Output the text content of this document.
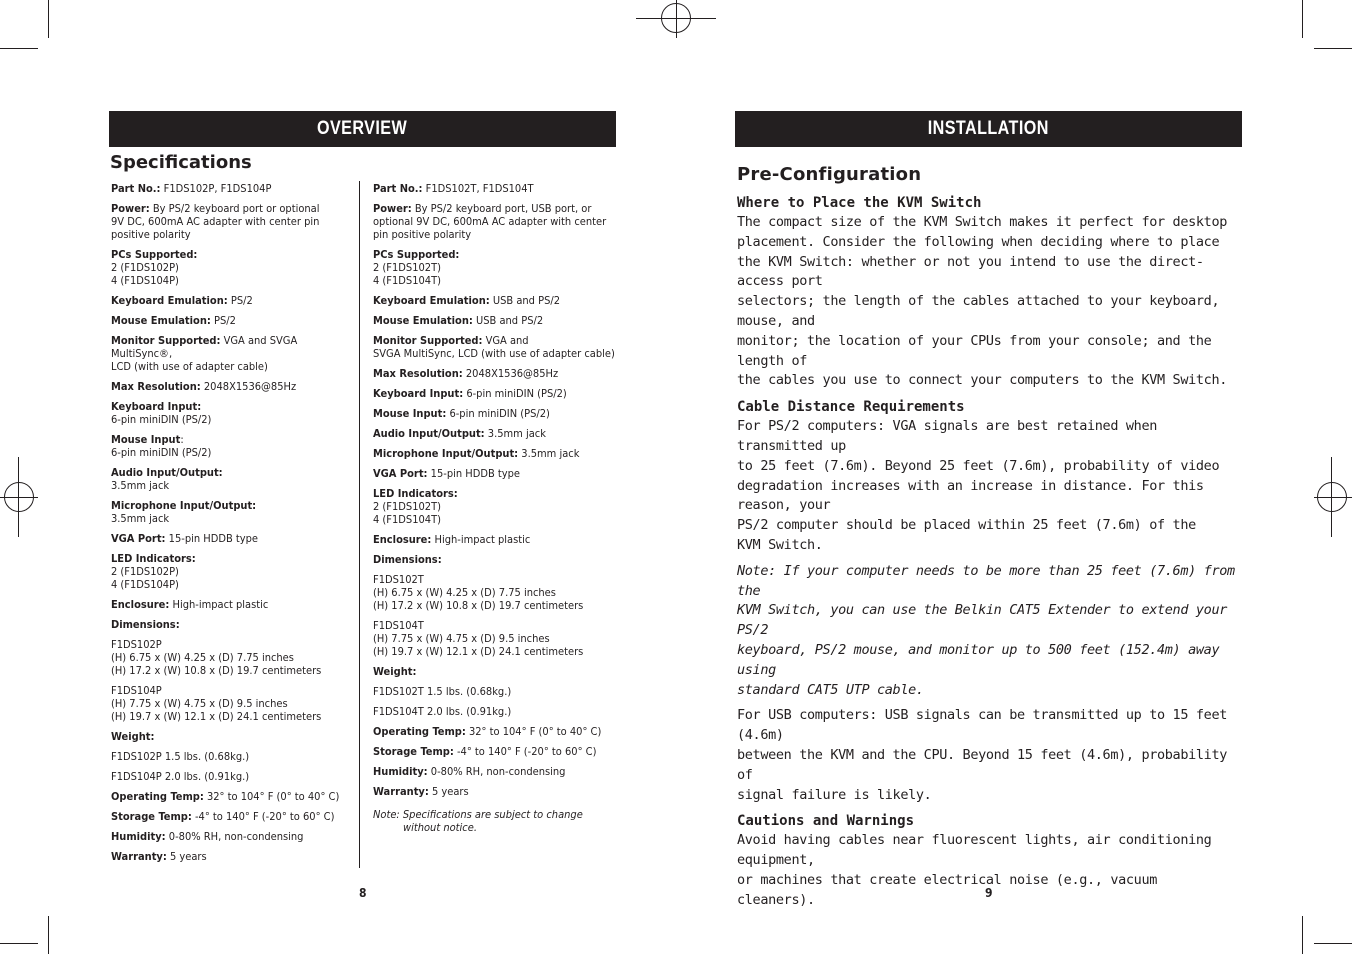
OVERVIEW
Specifications

Part No.: F1DS102P, F1DS104P

Power: By PS/2 keyboard port or optional
9V DC, 600mA AC adapter with center pin
positive polarity

PCs Supported:
2 (F1DS102P)
4 (F1DS104P)

Keyboard Emulation: PS/2

Mouse Emulation: PS/2

Monitor Supported: VGA and SVGA MultiSync®,
LCD (with use of adapter cable)

Max Resolution: 2048X1536@85Hz

Keyboard Input:
6-pin miniDIN (PS/2)

Mouse Input:
6-pin miniDIN (PS/2)

Audio Input/Output:
3.5mm jack

Microphone Input/Output:
3.5mm jack

VGA Port: 15-pin HDDB type

LED Indicators:
2 (F1DS102P)
4 (F1DS104P)

Enclosure: High-impact plastic

Dimensions:

F1DS102P
(H) 6.75 x (W) 4.25 x (D) 7.75 inches
(H) 17.2 x (W) 10.8 x (D) 19.7 centimeters

F1DS104P
(H) 7.75 x (W) 4.75 x (D) 9.5 inches
(H) 19.7 x (W) 12.1 x (D) 24.1 centimeters

Weight:

F1DS102P 1.5 lbs. (0.68kg.)

F1DS104P 2.0 lbs. (0.91kg.)

Operating Temp: 32° to 104° F (0° to 40° C)

Storage Temp: -4° to 140° F (-20° to 60° C)

Humidity: 0-80% RH, non-condensing

Warranty: 5 years

Part No.: F1DS102T, F1DS104T

Power: By PS/2 keyboard port, USB port, or
optional 9V DC, 600mA AC adapter with center
pin positive polarity

PCs Supported:
2 (F1DS102T)
4 (F1DS104T)

Keyboard Emulation: USB and PS/2

Mouse Emulation: USB and PS/2

Monitor Supported: VGA and
SVGA MultiSync, LCD (with use of adapter cable)

Max Resolution: 2048X1536@85Hz

Keyboard Input: 6-pin miniDIN (PS/2)

Mouse Input: 6-pin miniDIN (PS/2)

Audio Input/Output: 3.5mm jack

Microphone Input/Output: 3.5mm jack

VGA Port: 15-pin HDDB type

LED Indicators:
2 (F1DS102T)
4 (F1DS104T)

Enclosure: High-impact plastic

Dimensions:

F1DS102T
(H) 6.75 x (W) 4.25 x (D) 7.75 inches
(H) 17.2 x (W) 10.8 x (D) 19.7 centimeters

F1DS104T
(H) 7.75 x (W) 4.75 x (D) 9.5 inches
(H) 19.7 x (W) 12.1 x (D) 24.1 centimeters

Weight:

F1DS102T 1.5 lbs. (0.68kg.)

F1DS104T 2.0 lbs. (0.91kg.)

Operating Temp: 32° to 104° F (0° to 40° C)

Storage Temp: -4° to 140° F (-20° to 60° C)

Humidity: 0-80% RH, non-condensing

Warranty: 5 years

Note: Specifications are subject to change
without notice.
8
INSTALLATION
Pre-Configuration
Where to Place the KVM Switch

The compact size of the KVM Switch makes it perfect for desktop
placement. Consider the following when deciding where to place
the KVM Switch: whether or not you intend to use the direct-access port
selectors; the length of the cables attached to your keyboard, mouse, and
monitor; the location of your CPUs from your console; and the length of
the cables you use to connect your computers to the KVM Switch.

Cable Distance Requirements

For PS/2 computers: VGA signals are best retained when transmitted up
to 25 feet (7.6m). Beyond 25 feet (7.6m), probability of video
degradation increases with an increase in distance. For this reason, your
PS/2 computer should be placed within 25 feet (7.6m) of the
KVM Switch.

Note: If your computer needs to be more than 25 feet (7.6m) from the
KVM Switch, you can use the Belkin CAT5 Extender to extend your PS/2
keyboard, PS/2 mouse, and monitor up to 500 feet (152.4m) away using
standard CAT5 UTP cable.

For USB computers: USB signals can be transmitted up to 15 feet (4.6m)
between the KVM and the CPU. Beyond 15 feet (4.6m), probability of
signal failure is likely.

Cautions and Warnings

Avoid having cables near fluorescent lights, air conditioning equipment,
or machines that create electrical noise (e.g., vacuum cleaners).	9
